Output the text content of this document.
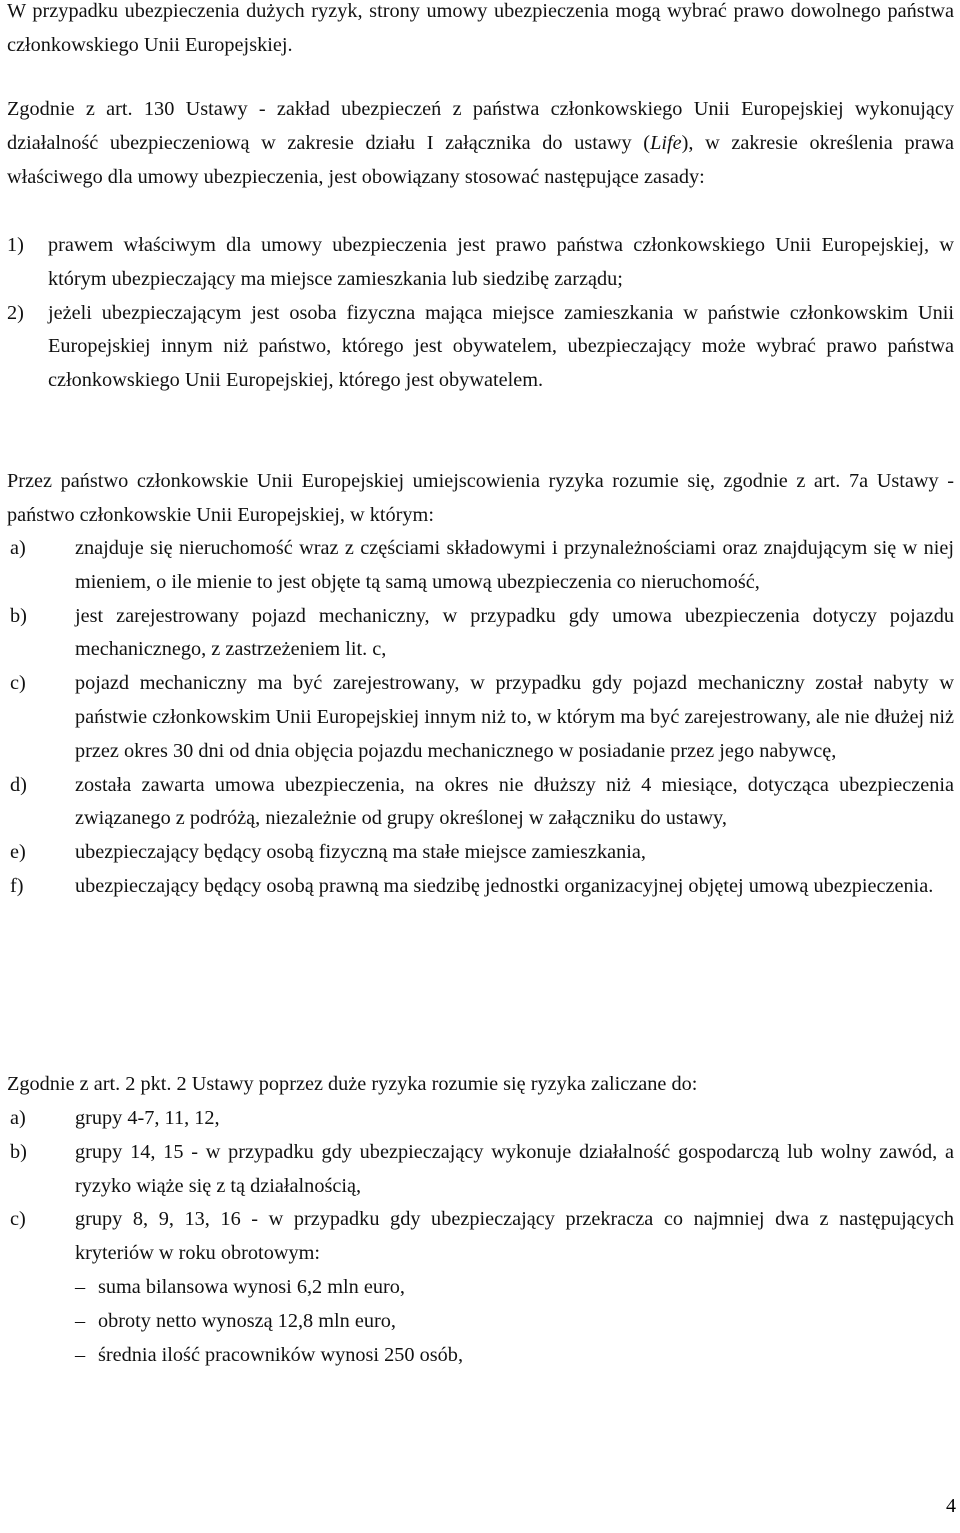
W przypadku ubezpieczenia dużych ryzyk, strony umowy ubezpieczenia mogą wybrać prawo dowolnego państwa członkowskiego Unii Europejskiej.

Zgodnie z art. 130 Ustawy - zakład ubezpieczeń z państwa członkowskiego Unii Europejskiej wykonujący działalność ubezpieczeniową w zakresie działu I załącznika do ustawy (Life), w zakresie określenia prawa właściwego dla umowy ubezpieczenia, jest obowiązany stosować następujące zasady:

1)	prawem właściwym dla umowy ubezpieczenia jest prawo państwa członkowskiego Unii Europejskiej, w którym ubezpieczający ma miejsce zamieszkania lub siedzibę zarządu;
2)	jeżeli ubezpieczającym jest osoba fizyczna mająca miejsce zamieszkania w państwie członkowskim Unii Europejskiej innym niż państwo, którego jest obywatelem, ubezpieczający może wybrać prawo państwa członkowskiego Unii Europejskiej, którego jest obywatelem.

Przez państwo członkowskie Unii Europejskiej umiejscowienia ryzyka rozumie się, zgodnie z art. 7a Ustawy - państwo członkowskie Unii Europejskiej, w którym:

a)	znajduje się nieruchomość wraz z częściami składowymi i przynależnościami oraz znajdującym się w niej mieniem, o ile mienie to jest objęte tą samą umową ubezpieczenia co nieruchomość,
b)	jest zarejestrowany pojazd mechaniczny, w przypadku gdy umowa ubezpieczenia dotyczy pojazdu mechanicznego, z zastrzeżeniem lit. c,
c)	pojazd mechaniczny ma być zarejestrowany, w przypadku gdy pojazd mechaniczny został nabyty w państwie członkowskim Unii Europejskiej innym niż to, w którym ma być zarejestrowany, ale nie dłużej niż przez okres 30 dni od dnia objęcia pojazdu mechanicznego w posiadanie przez jego nabywcę,
d)	została zawarta umowa ubezpieczenia, na okres nie dłuższy niż 4 miesiące, dotycząca ubezpieczenia związanego z podróżą, niezależnie od grupy określonej w załączniku do ustawy,
e)	ubezpieczający będący osobą fizyczną ma stałe miejsce zamieszkania,
f)	ubezpieczający będący osobą prawną ma siedzibę jednostki organizacyjnej objętej umową ubezpieczenia.

Zgodnie z art. 2 pkt. 2 Ustawy poprzez duże ryzyka rozumie się ryzyka zaliczane do:

a)	grupy 4-7, 11, 12,
b)	grupy 14, 15 - w przypadku gdy ubezpieczający wykonuje działalność gospodarczą lub wolny zawód, a ryzyko wiąże się z tą działalnością,
c)	grupy 8, 9, 13, 16 - w przypadku gdy ubezpieczający przekracza co najmniej dwa z następujących kryteriów w roku obrotowym:
– suma bilansowa wynosi 6,2 mln euro,
– obroty netto wynoszą 12,8 mln euro,
– średnia ilość pracowników wynosi 250 osób,
4
